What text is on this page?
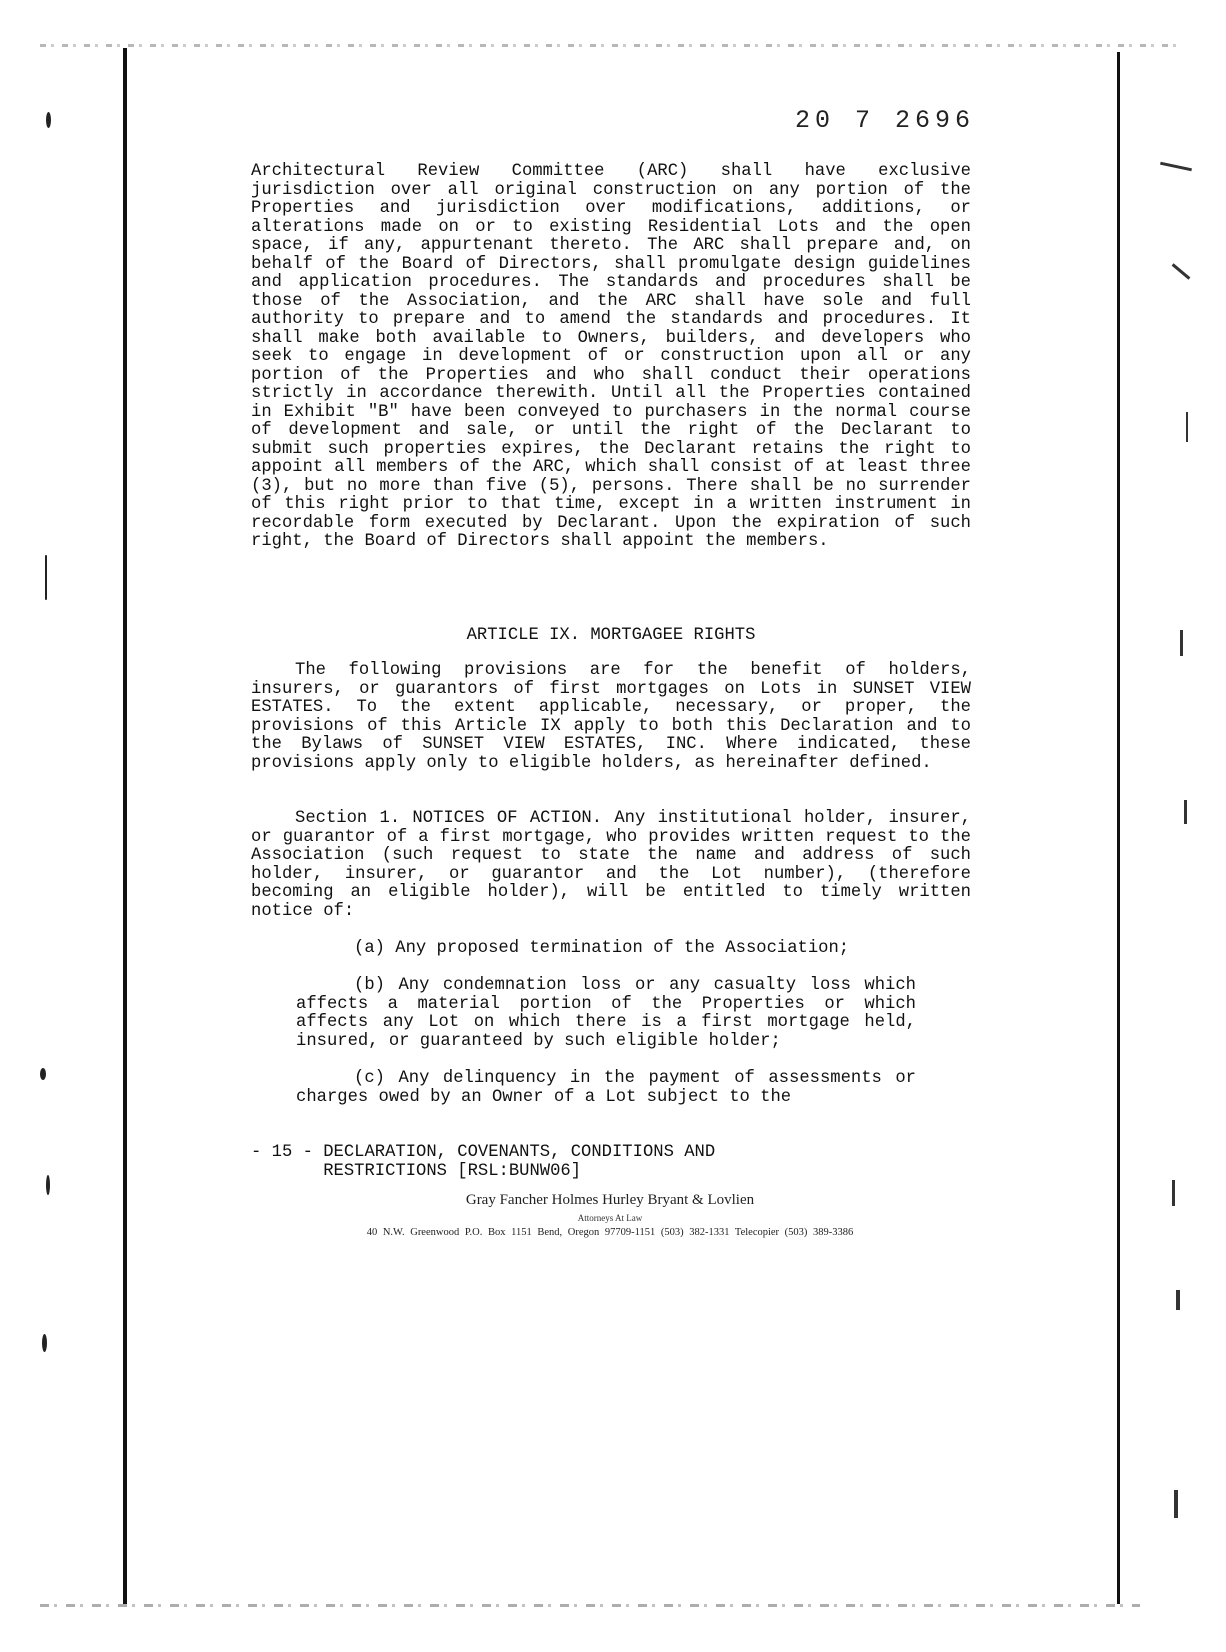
20 7 2696

Architectural Review Committee (ARC) shall have exclusive jurisdiction over all original construction on any portion of the Properties and jurisdiction over modifications, additions, or alterations made on or to existing Residential Lots and the open space, if any, appurtenant thereto. The ARC shall prepare and, on behalf of the Board of Directors, shall promulgate design guidelines and application procedures. The standards and procedures shall be those of the Association, and the ARC shall have sole and full authority to prepare and to amend the standards and procedures. It shall make both available to Owners, builders, and developers who seek to engage in development of or construction upon all or any portion of the Properties and who shall conduct their operations strictly in accordance therewith. Until all the Properties contained in Exhibit "B" have been conveyed to purchasers in the normal course of development and sale, or until the right of the Declarant to submit such properties expires, the Declarant retains the right to appoint all members of the ARC, which shall consist of at least three (3), but no more than five (5), persons. There shall be no surrender of this right prior to that time, except in a written instrument in recordable form executed by Declarant. Upon the expiration of such right, the Board of Directors shall appoint the members.

ARTICLE IX. MORTGAGEE RIGHTS

The following provisions are for the benefit of holders, insurers, or guarantors of first mortgages on Lots in SUNSET VIEW ESTATES. To the extent applicable, necessary, or proper, the provisions of this Article IX apply to both this Declaration and to the Bylaws of SUNSET VIEW ESTATES, INC. Where indicated, these provisions apply only to eligible holders, as hereinafter defined.

Section 1. NOTICES OF ACTION. Any institutional holder, insurer, or guarantor of a first mortgage, who provides written request to the Association (such request to state the name and address of such holder, insurer, or guarantor and the Lot number), (therefore becoming an eligible holder), will be entitled to timely written notice of:

(a) Any proposed termination of the Association;

(b) Any condemnation loss or any casualty loss which affects a material portion of the Properties or which affects any Lot on which there is a first mortgage held, insured, or guaranteed by such eligible holder;

(c) Any delinquency in the payment of assessments or charges owed by an Owner of a Lot subject to the

- 15 - DECLARATION, COVENANTS, CONDITIONS AND
RESTRICTIONS [RSL:BUNW06]

Gray Fancher Holmes Hurley Bryant & Lovlien

Attorneys At Law

40 N.W. Greenwood P.O. Box 1151 Bend, Oregon 97709-1151 (503) 382-1331 Telecopier (503) 389-3386
